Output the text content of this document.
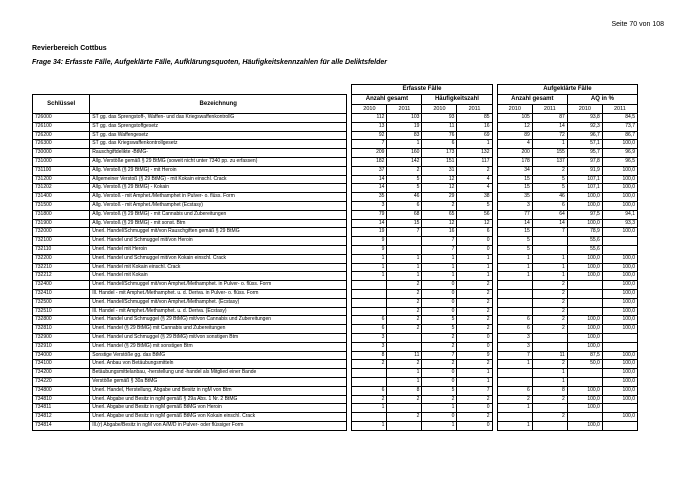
Seite 70 von 108
Revierbereich Cottbus
Frage 34: Erfasste Fälle, Aufgeklärte Fälle, Aufklärungsquoten, Häufigkeitskennzahlen für alle Deliktsfelder
			Erfasste Fälle					Aufgeklärte Fälle			
Schlüssel	Bezeichnung		Anzahl gesamt		Häufigkeitszahl			Anzahl gesamt		AQ in %	
			2010	2011	2010	2011		2010	2011	2010	2011
726000	ST gg. das Sprengstoff-, Waffen- und das KriegswaffenkontrollG		112	103	93	85		105	87	93,8	84,5
726100	ST gg. das Sprengstoffgesetz		13	19	11	16		12	14	92,3	73,7
726200	ST gg. das Waffengesetz		92	83	76	69		89	72	96,7	86,7
726300	ST gg. das Kriegswaffenkontrollgesetz		7	1	6	1		4	1	57,1	100,0
730000	Rauschgiftdelikte -BtMG-		209	160	173	132		200	155	95,7	96,9
731000	Allg. Verstöße gemäß § 29 BtMG (soweit nicht unter 7340 pp. zu erfassen)		182	142	151	117		178	137	97,8	96,5
731100	Allg. Verstoß (§ 29 BtMG) - mit Heroin		37	2	31	2		34	2	91,9	100,0
731200	Allgemeiner Verstoß (§ 29 BtMG) - mit Kokain einschl. Crack		14	5	12	4		15	5	107,1	100,0
731202	Allg. Verstoß (§ 29 BtMG) - Kokain		14	5	12	4		15	5	107,1	100,0
731400	Allg. Verstoß - mit Amphet./Methamphet in Pulver- o. flüss. Form		35	46	29	38		35	46	100,0	100,0
731500	Allg. Verstoß - mit Amphet./Methamphet (Ecstasy)		3	6	2	5		3	6	100,0	100,0
731800	Allg. Verstoß (§ 29 BtMG) - mit Cannabis und Zubereitungen		79	68	65	56		77	64	97,5	94,1
731900	Allg. Verstoß (§ 29 BtMG) - mit sonst. Btm		14	15	12	12		14	14	100,0	93,3
732000	Unerl. Handel/Schmuggel mit/von Rauschgiften gemäß § 29 BtMG		19	7	16	6		15	7	78,9	100,0
732100	Unerl. Handel und Schmuggel mit/von Heroin		9		7	0		5		55,6	
732110	Unerl. Handel mit Heroin		9		7	0		5		55,6	
732200	Unerl. Handel und Schmuggel mit/von Kokain einschl. Crack		1	1	1	1		1	1	100,0	100,0
732210	Unerl. Handel mit Kokain einschl. Crack		1	1	1	1		1	1	100,0	100,0
732212	Unerl. Handel mit Kokain		1	1	1	1		1	1	100,0	100,0
732400	Unerl. Handel/Schmuggel mit/von Amphet./Methamphet. in Pulver- o. flüss. Form			2	0	2			2		100,0
732410	Ill. Handel - mit Amphet./Methamphet. u. d. Deriva. in Pulver- o. flüss. Form			2	0	2			2		100,0
732500	Unerl. Handel/Schmuggel mit/von Amphet./Methamphet. (Ecstasy)			2	0	2			2		100,0
732510	Ill. Handel - mit Amphet./Methamphet. u. d. Deriva. (Ecstasy)			2	0	2			2		100,0
732800	Unerl. Handel und Schmuggel (§ 29 BtMG) mit/von Cannabis und Zubereitungen		6	2	5	2		6	2	100,0	100,0
732810	Unerl. Handel (§ 29 BtMG) mit Cannabis und Zubereitungen		6	2	5	2		6	2	100,0	100,0
732900	Unerl. Handel und Schmuggel (§ 29 BtMG) mit/von sonstigen Btm		3		2	0		3		100,0	
732910	Unerl. Handel (§ 29 BtMG) mit sonstigen Btm		3		2	0		3		100,0	
734000	Sonstige Verstöße gg. das BtMG		8	11	7	9		7	11	87,5	100,0
734100	Unerl. Anbau von Betäubungsmitteln		2	2	2	2		1	2	50,0	100,0
734200	Betäubungsmittelanbau, -herstellung und -handel als Mitglied einer Bande			1	0	1			1		100,0
734220	Verstöße gemäß § 30a BtMG			1	0	1			1		100,0
734800	Unerl. Handel, Herstellung, Abgabe und Besitz in ngM von Btm		6	8	5	7		6	8	100,0	100,0
734810	Unerl. Abgabe und Besitz in ngM gemäß § 29a Abs. 1 Nr. 2 BtMG		2	2	2	2		2	2	100,0	100,0
734811	Unerl. Abgabe und Besitz in ngM gemäß BtMG von Heroin		1		1	0		1		100,0	
734812	Unerl. Abgabe und Besitz in ngM gemäß BtMG von Kokain einschl. Crack			2	0	2			2		100,0
734814	Ill.(r) Abgabe/Besitz in ngM von A/M/D in Pulver- oder flüssiger Form		1		1	0		1		100,0	
